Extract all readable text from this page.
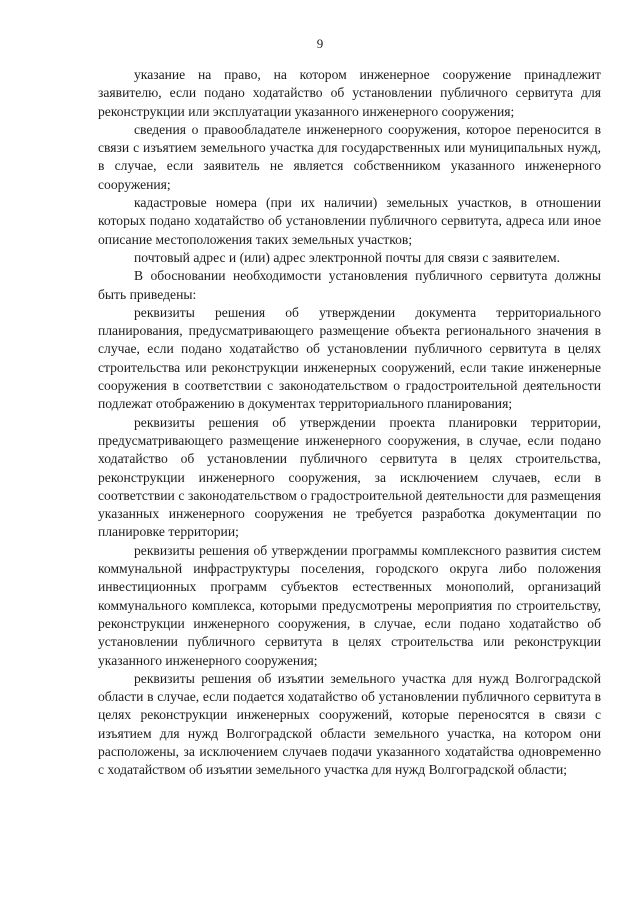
9

указание на право, на котором инженерное сооружение принадлежит заявителю, если подано ходатайство об установлении публичного сервитута для реконструкции или эксплуатации указанного инженерного сооружения;

сведения о правообладателе инженерного сооружения, которое переносится в связи с изъятием земельного участка для государственных или муниципальных нужд, в случае, если заявитель не является собственником указанного инженерного сооружения;

кадастровые номера (при их наличии) земельных участков, в отношении которых подано ходатайство об установлении публичного сервитута, адреса или иное описание местоположения таких земельных участков;

почтовый адрес и (или) адрес электронной почты для связи с заявителем.

В обосновании необходимости установления публичного сервитута должны быть приведены:

реквизиты решения об утверждении документа территориального планирования, предусматривающего размещение объекта регионального значения в случае, если подано ходатайство об установлении публичного сервитута в целях строительства или реконструкции инженерных сооружений, если такие инженерные сооружения в соответствии с законодательством о градостроительной деятельности подлежат отображению в документах территориального планирования;

реквизиты решения об утверждении проекта планировки территории, предусматривающего размещение инженерного сооружения, в случае, если подано ходатайство об установлении публичного сервитута в целях строительства, реконструкции инженерного сооружения, за исключением случаев, если в соответствии с законодательством о градостроительной деятельности для размещения указанных инженерного сооружения не требуется разработка документации по планировке территории;

реквизиты решения об утверждении программы комплексного развития систем коммунальной инфраструктуры поселения, городского округа либо положения инвестиционных программ субъектов естественных монополий, организаций коммунального комплекса, которыми предусмотрены мероприятия по строительству, реконструкции инженерного сооружения, в случае, если подано ходатайство об установлении публичного сервитута в целях строительства или реконструкции указанного инженерного сооружения;

реквизиты решения об изъятии земельного участка для нужд Волгоградской области в случае, если подается ходатайство об установлении публичного сервитута в целях реконструкции инженерных сооружений, которые переносятся в связи с изъятием для нужд Волгоградской области земельного участка, на котором они расположены, за исключением случаев подачи указанного ходатайства одновременно с ходатайством об изъятии земельного участка для нужд Волгоградской области;
